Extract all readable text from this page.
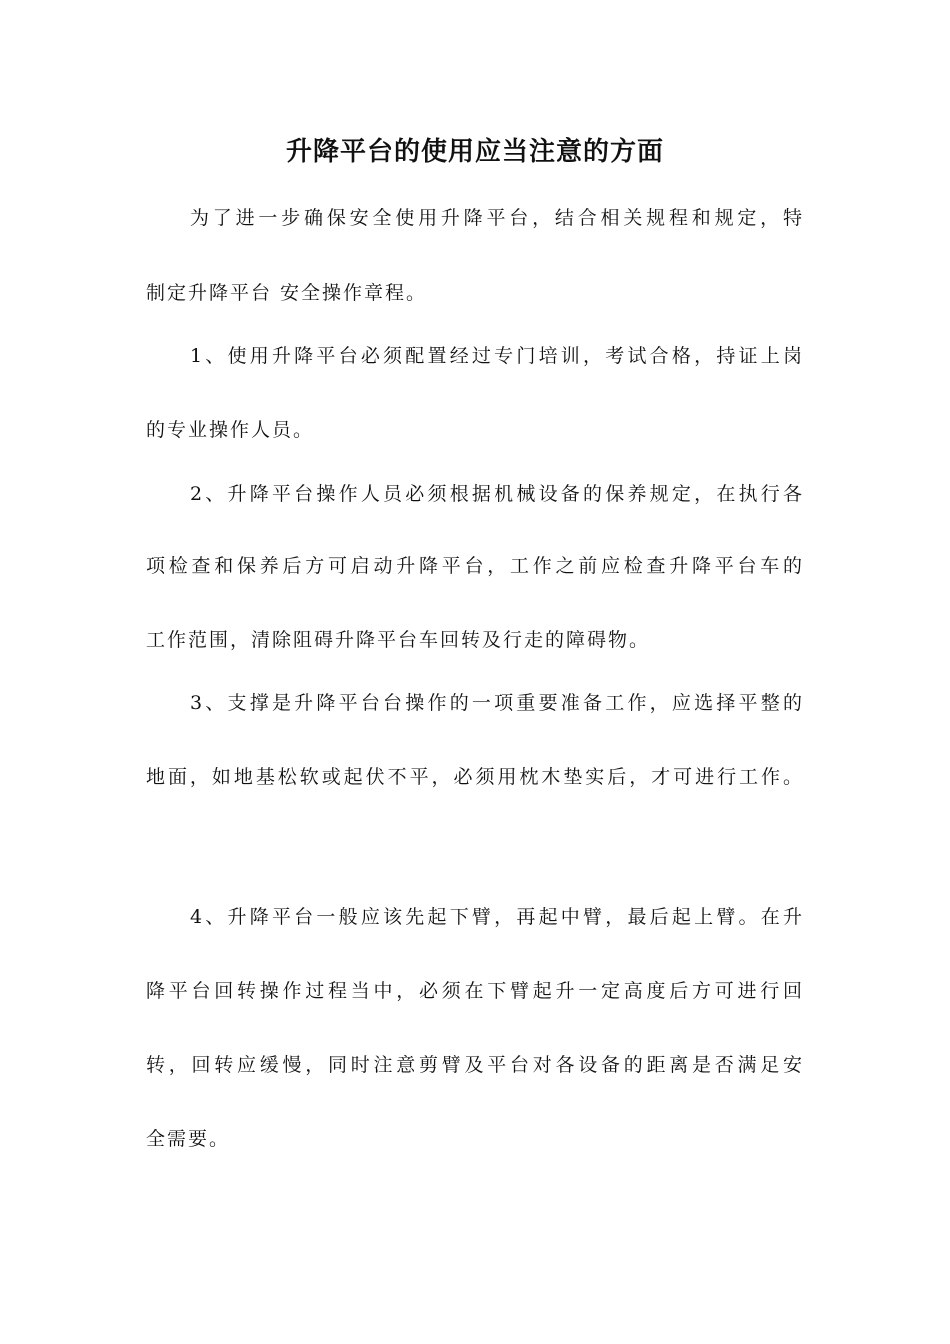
升降平台的使用应当注意的方面

为了进一步确保安全使用升降平台，结合相关规程和规定，特

制定升降平台 安全操作章程。

1、使用升降平台必须配置经过专门培训，考试合格，持证上岗

的专业操作人员。

2、升降平台操作人员必须根据机械设备的保养规定，在执行各

项检查和保养后方可启动升降平台，工作之前应检查升降平台车的

工作范围，清除阻碍升降平台车回转及行走的障碍物。

3、支撑是升降平台台操作的一项重要准备工作，应选择平整的

地面，如地基松软或起伏不平，必须用枕木垫实后，才可进行工作。

4、升降平台一般应该先起下臂，再起中臂，最后起上臂。在升

降平台回转操作过程当中，必须在下臂起升一定高度后方可进行回

转，回转应缓慢，同时注意剪臂及平台对各设备的距离是否满足安

全需要。
